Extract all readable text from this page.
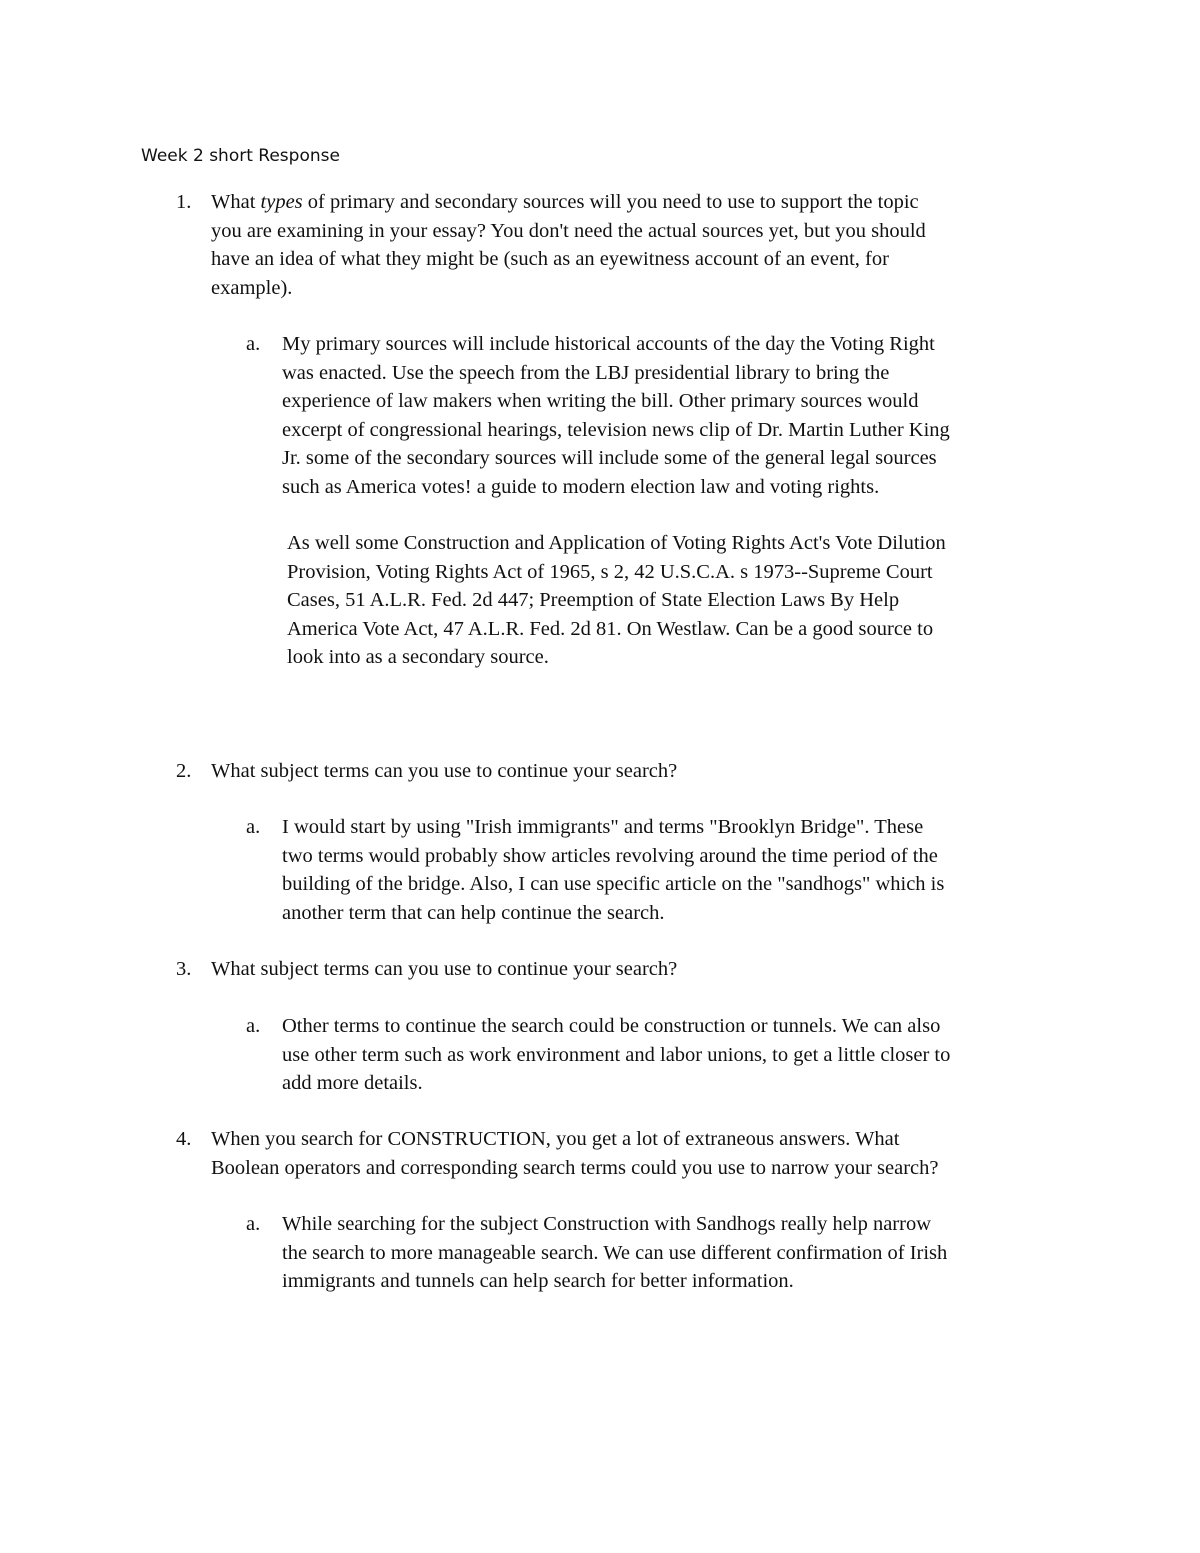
Week 2 short Response
1. What types of primary and secondary sources will you need to use to support the topic
you are examining in your essay? You don't need the actual sources yet, but you should
have an idea of what they might be (such as an eyewitness account of an event, for
example).
a. My primary sources will include historical accounts of the day the Voting Right
was enacted. Use the speech from the LBJ presidential library to bring the
experience of law makers when writing the bill. Other primary sources would
excerpt of congressional hearings, television news clip of Dr. Martin Luther King
Jr. some of the secondary sources will include some of the general legal sources
such as America votes! a guide to modern election law and voting rights.
As well some Construction and Application of Voting Rights Act's Vote Dilution
Provision, Voting Rights Act of 1965, s 2, 42 U.S.C.A. s 1973--Supreme Court
Cases, 51 A.L.R. Fed. 2d 447; Preemption of State Election Laws By Help
America Vote Act, 47 A.L.R. Fed. 2d 81. On Westlaw. Can be a good source to
look into as a secondary source.
2. What subject terms can you use to continue your search?
a. I would start by using "Irish immigrants" and terms "Brooklyn Bridge". These
two terms would probably show articles revolving around the time period of the
building of the bridge. Also, I can use specific article on the "sandhogs" which is
another term that can help continue the search.
3. What subject terms can you use to continue your search?
a. Other terms to continue the search could be construction or tunnels. We can also
use other term such as work environment and labor unions, to get a little closer to
add more details.
4. When you search for CONSTRUCTION, you get a lot of extraneous answers. What
Boolean operators and corresponding search terms could you use to narrow your search?
a. While searching for the subject Construction with Sandhogs really help narrow
the search to more manageable search. We can use different confirmation of Irish
immigrants and tunnels can help search for better information.
